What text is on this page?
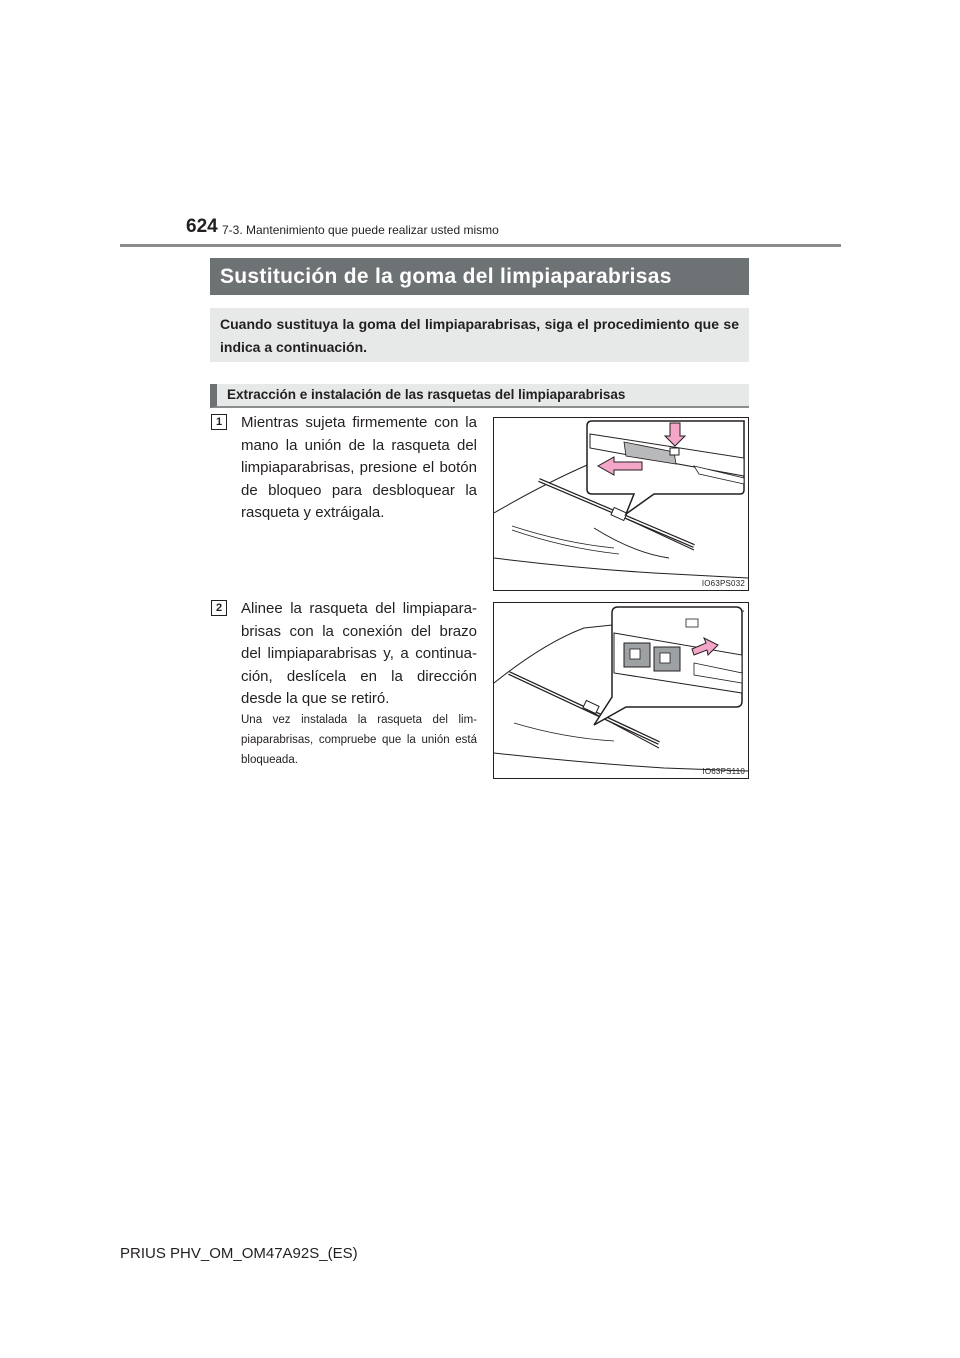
624 7-3. Mantenimiento que puede realizar usted mismo
Sustitución de la goma del limpiaparabrisas
Cuando sustituya la goma del limpiaparabrisas, siga el procedimiento que se indica a continuación.
Extracción e instalación de las rasquetas del limpiaparabrisas
1	Mientras sujeta firmemente con la mano la unión de la rasqueta del limpiaparabrisas, presione el botón de bloqueo para desbloquear la rasqueta y extráigala.
IO63PS032
2	Alinee la rasqueta del limpiaparabrisas con la conexión del brazo del limpiaparabrisas y, a continuación, deslícela en la dirección desde la que se retiró.
Una vez instalada la rasqueta del limpiaparabrisas, compruebe que la unión está bloqueada.
IO63PS110
PRIUS PHV_OM_OM47A92S_(ES)
